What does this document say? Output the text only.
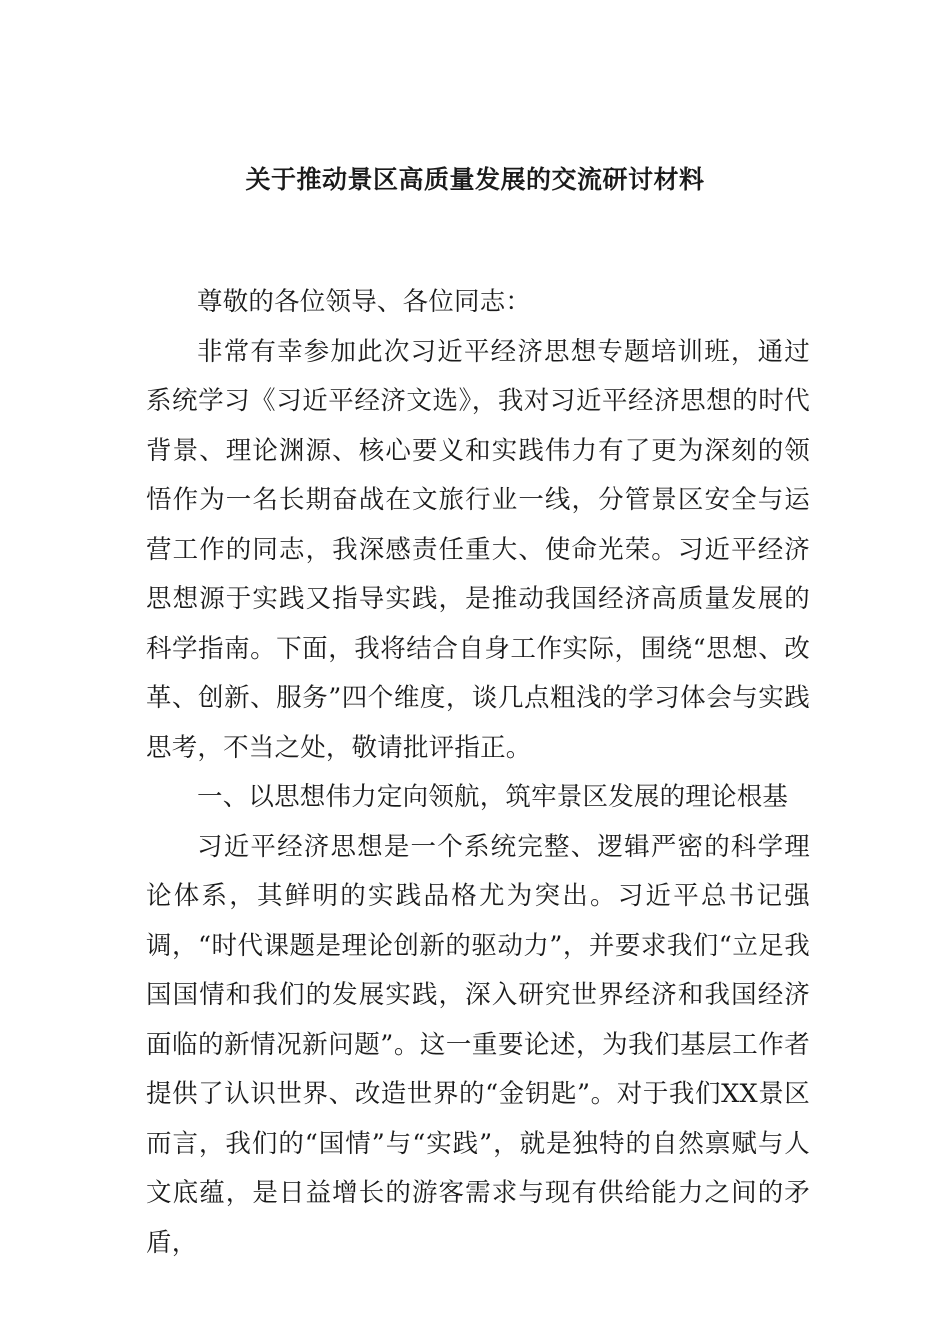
关于推动景区高质量发展的交流研讨材料

尊敬的各位领导、各位同志：

非常有幸参加此次习近平经济思想专题培训班，通过系统学习《习近平经济文选》，我对习近平经济思想的时代背景、理论渊源、核心要义和实践伟力有了更为深刻的领悟作为一名长期奋战在文旅行业一线，分管景区安全与运营工作的同志，我深感责任重大、使命光荣。习近平经济思想源于实践又指导实践，是推动我国经济高质量发展的科学指南。下面，我将结合自身工作实际，围绕“思想、改革、创新、服务”四个维度，谈几点粗浅的学习体会与实践思考，不当之处，敬请批评指正。

一、以思想伟力定向领航，筑牢景区发展的理论根基

习近平经济思想是一个系统完整、逻辑严密的科学理论体系，其鲜明的实践品格尤为突出。习近平总书记强调，“时代课题是理论创新的驱动力”，并要求我们“立足我国国情和我们的发展实践，深入研究世界经济和我国经济面临的新情况新问题”。这一重要论述，为我们基层工作者提供了认识世界、改造世界的“金钥匙”。对于我们XX景区而言，我们的“国情”与“实践”，就是独特的自然禀赋与人文底蕴，是日益增长的游客需求与现有供给能力之间的矛盾，
